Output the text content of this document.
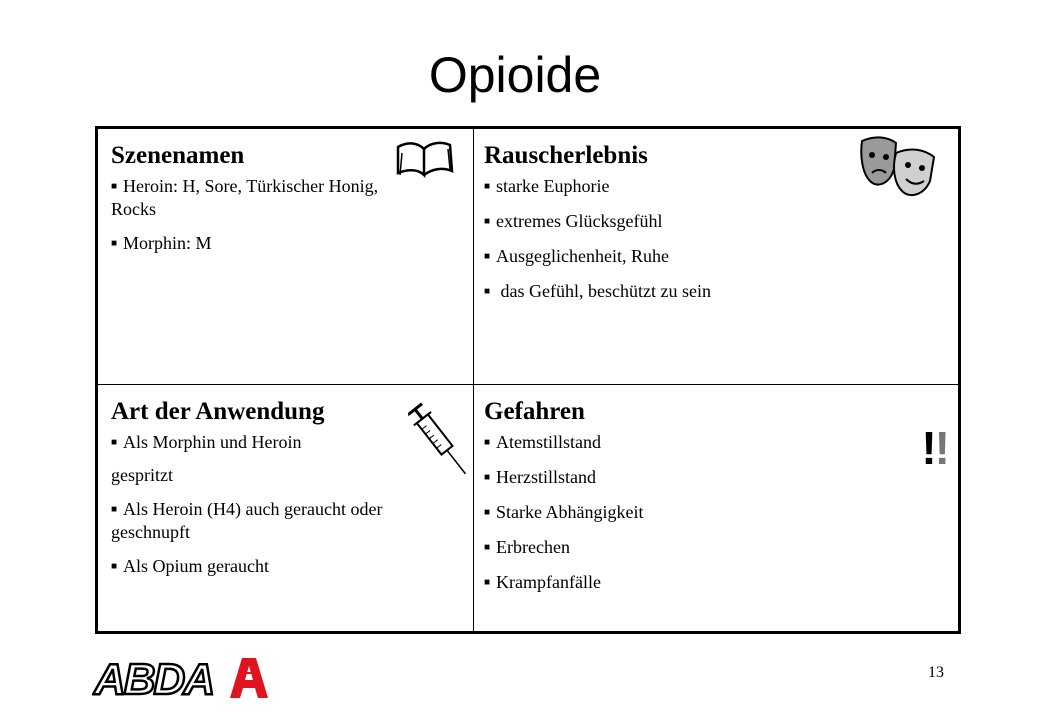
Opioide
Szenenamen
■ Heroin: H, Sore, Türkischer Honig, Rocks
■ Morphin: M
Rauscherlebnis
■ starke Euphorie
■ extremes Glücksgefühl
■ Ausgeglichenheit, Ruhe
■ das Gefühl, beschützt zu sein
Art der Anwendung
■ Als Morphin und Heroin
gespritzt
■ Als Heroin (H4) auch geraucht oder geschnupft
■ Als Opium geraucht
Gefahren
■ Atemstillstand
■ Herzstillstand
■ Starke Abhängigkeit
■ Erbrechen
■ Krampfanfälle
!!
ABDA	13
